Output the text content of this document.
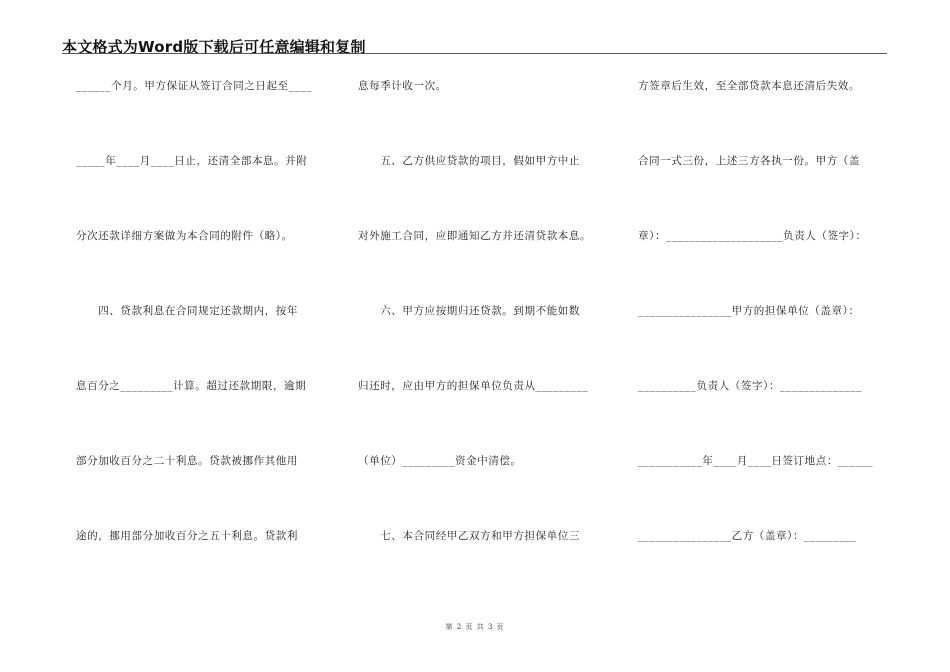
本文格式为Word版下载后可任意编辑和复制
______个月。甲方保证从签订合同之日起至____
_____年____月____日止，还清全部本息。并附
分次还款详细方案做为本合同的附件（略）。
　　四、贷款利息在合同规定还款期内，按年
息百分之_________计算。超过还款期限，逾期
部分加收百分之二十利息。贷款被挪作其他用
途的，挪用部分加收百分之五十利息。贷款利
息每季计收一次。
　　五、乙方供应贷款的项目，假如甲方中止
对外施工合同，应即通知乙方并还清贷款本息。
　　六、甲方应按期归还贷款。到期不能如数
归还时，应由甲方的担保单位负责从_________
（单位）_________资金中清偿。
　　七、本合同经甲乙双方和甲方担保单位三
方签章后生效，至全部贷款本息还清后失效。
合同一式三份，上述三方各执一份。甲方（盖
章）：____________________负责人（签字）：
________________甲方的担保单位（盖章）：
__________负责人（签字）：______________
___________年____月____日签订地点：______
________________乙方（盖章）：_________
第 2 页 共 3 页
